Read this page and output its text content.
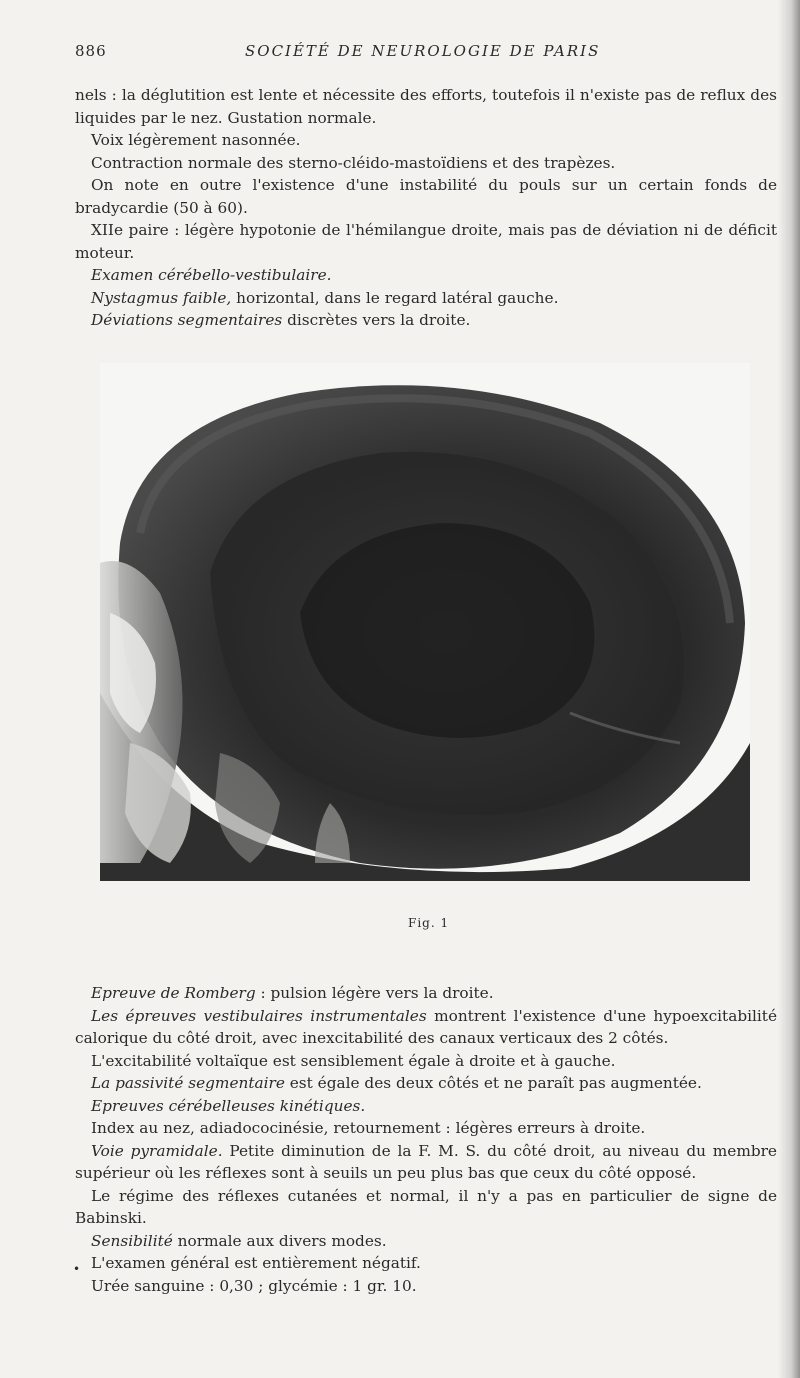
886	SOCIÉTÉ DE NEUROLOGIE DE PARIS

nels : la déglutition est lente et nécessite des efforts, toutefois il n'existe pas de reflux des liquides par le nez. Gustation normale.

Voix légèrement nasonnée.

Contraction normale des sterno-cléido-mastoïdiens et des trapèzes.

On note en outre l'existence d'une instabilité du pouls sur un certain fonds de bradycardie (50 à 60).

XIIe paire : légère hypotonie de l'hémilangue droite, mais pas de déviation ni de déficit moteur.

Examen cérébello-vestibulaire.

Nystagmus faible, horizontal, dans le regard latéral gauche.

Déviations segmentaires discrètes vers la droite.

Fig. 1

Epreuve de Romberg : pulsion légère vers la droite.

Les épreuves vestibulaires instrumentales montrent l'existence d'une hypoexcitabilité calorique du côté droit, avec inexcitabilité des canaux verticaux des 2 côtés.

L'excitabilité voltaïque est sensiblement égale à droite et à gauche.

La passivité segmentaire est égale des deux côtés et ne paraît pas augmentée.

Epreuves cérébelleuses kinétiques.

Index au nez, adiadococinésie, retournement : légères erreurs à droite.

Voie pyramidale. Petite diminution de la F. M. S. du côté droit, au niveau du membre supérieur où les réflexes sont à seuils un peu plus bas que ceux du côté opposé.

Le régime des réflexes cutanées et normal, il n'y a pas en particulier de signe de Babinski.

Sensibilité normale aux divers modes.

L'examen général est entièrement négatif.

Urée sanguine : 0,30 ; glycémie : 1 gr. 10.

•
